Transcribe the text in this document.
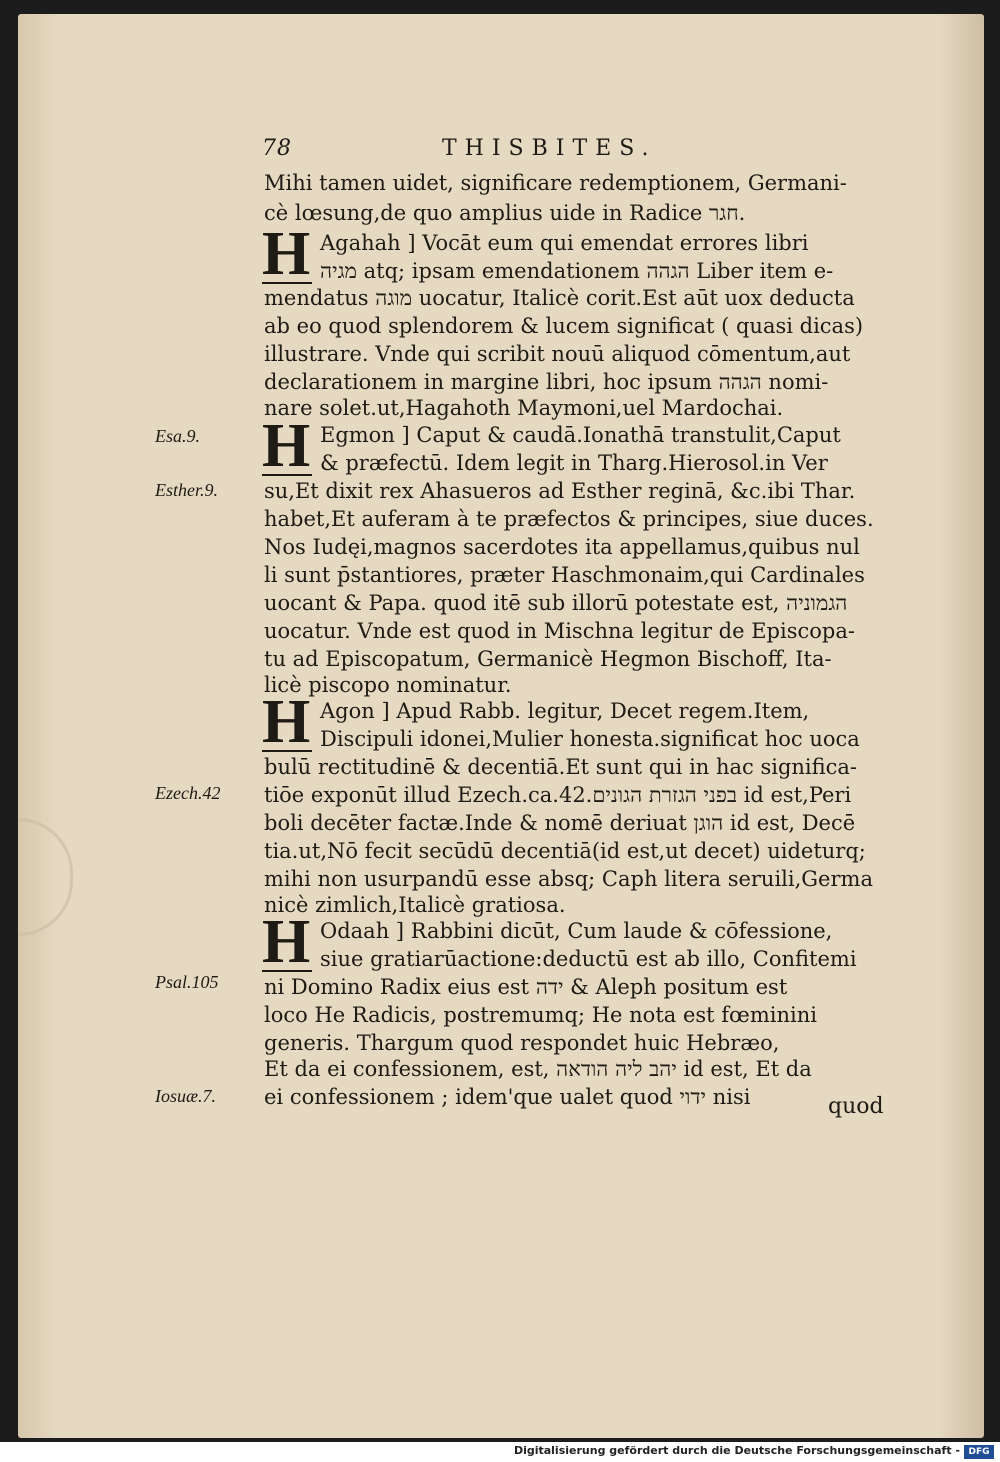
78	THISBITES.
Mihi tamen uidet, significare redemptionem, Germani-
cè lœsung,de quo amplius uide in Radice חגר.
H Agahah ] Vocāt eum qui emendat errores libri
מגיה atq; ipsam emendationem הגהה Liber item e-
mendatus מוגה uocatur, Italicè corit.Est aūt uox deducta
ab eo quod splendorem & lucem significat ( quasi dicas)
illustrare. Vnde qui scribit nouū aliquod cōmentum,aut
declarationem in margine libri, hoc ipsum הגהה nomi-
nare solet.ut,Hagahoth Maymoni,uel Mardochai.
H Egmon ] Caput & caudā.Ionathā transtulit,Caput
& præfectū. Idem legit in Tharg.Hierosol.in Ver
su,Et dixit rex Ahasueros ad Esther reginā, &c.ibi Thar.
habet,Et auferam à te præfectos & principes, siue duces.
Nos Iudęi,magnos sacerdotes ita appellamus,quibus nul
li sunt p̄stantiores, præter Haschmonaim,qui Cardinales
uocant & Papa. quod itē sub illorū potestate est, הגמוניה
uocatur. Vnde est quod in Mischna legitur de Episcopa-
tu ad Episcopatum, Germanicè Hegmon Bischoff, Ita-
licè piscopo nominatur.
H Agon ] Apud Rabb. legitur, Decet regem.Item,
Discipuli idonei,Mulier honesta.significat hoc uoca
bulū rectitudinē & decentiā.Et sunt qui in hac significa-
tiōe exponūt illud Ezech.ca.42.בפני הגזרת הגונים id est,Peri
boli decēter factæ.Inde & nomē deriuat הוגן id est, Decē
tia.ut,Nō fecit secūdū decentiā(id est,ut decet) uideturq;
mihi non usurpandū esse absq; Caph litera seruili,Germa
nicè zimlich,Italicè gratiosa.
H Odaah ] Rabbini dicūt, Cum laude & cōfessione,
siue gratiarūactione:deductū est ab illo, Confitemi
ni Domino Radix eius est ידה & Aleph positum est
loco He Radicis, postremumq; He nota est fœminini
generis. Thargum quod respondet huic Hebræo,
Et da ei confessionem, est, יהב ליה הודאה id est, Et da
ei confessionem ; idem'que ualet quod ידוי nisi	quod
Esa.9.
Esther.9.
Ezech.42
Psal.105
Iosuæ.7.
Digitalisierung gefördert durch die Deutsche Forschungsgemeinschaft - DFG
